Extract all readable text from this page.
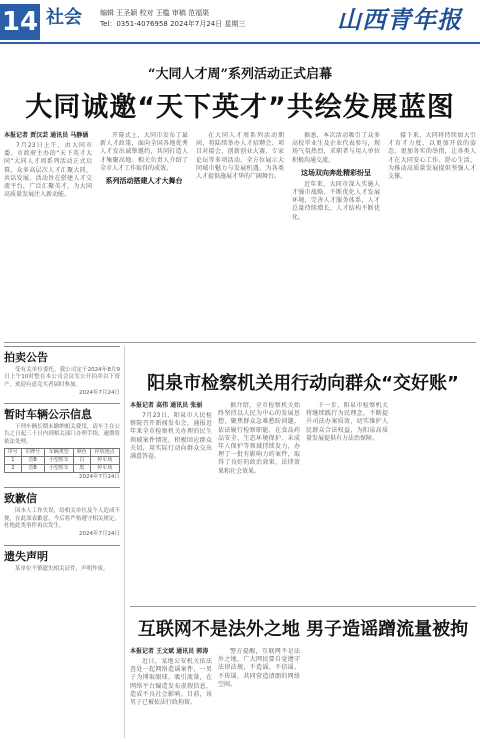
14 社会	编辑 王圣颖 校对 王槛 审稿 范福渠
Tel：0351-4076958 2024年7月24日 星期三	山西青年报
“大同人才周”系列活动正式启幕
大同诚邀“天下英才”共绘发展蓝图
本报记者 贾汉芸 通讯员 马静涵

7月23日上午，由大同市委、市政府主办的“天下英才大同”大同人才周系列活动正式启幕，众多高层次人才汇聚大同，共话发展。活动旨在搭建人才交流平台，广泛汇聚英才，为大同高质量发展注入新动能。

开幕式上，大同市发布了最新人才政策，面向全国各地优秀人才发出诚挚邀约，共同打造人才集聚高地。相关负责人介绍了全市人才工作取得的成效。

系列活动搭建人才大舞台

在大同人才周系列活动期间，将陆续举办人才招聘会、项目对接会、创新创业大赛、专家论坛等多项活动，全方位展示大同城市魅力与发展机遇，为各类人才提供施展才华的广阔舞台。

据悉，本次活动吸引了众多高校毕业生及企业代表参与，现场气氛热烈，求职者与用人单位积极沟通交流。

这场双向奔赴精彩纷呈

近年来，大同市深入实施人才强市战略，不断优化人才发展环境，完善人才服务体系，人才总量持续增长，人才结构不断优化。

接下来，大同将持续加大引才育才力度，以更加开放的姿态、更加务实的举措，让各类人才在大同安心工作、舒心生活，为推动高质量发展提供坚强人才支撑。

拍卖公告

受有关单位委托，我公司定于2024年8月9日上午10时整在本公司会议室公开拍卖以下资产，欢迎有意竞买者届时参加。

2024年7月24日
暂时车辆公示信息

下列车辆长期未缴纳相关费用，请车主在公告之日起三十日内到相关部门办理手续，逾期将依法处理。

序号	车牌号	车辆类型	颜色	停放地点
1	晋B	小型轿车	白	停车场
2	晋B	小型轿车	黑	停车场
2024年7月24日
致歉信

因本人工作失误，给相关单位及个人造成不便，在此深表歉意，今后将严格遵守相关规定，杜绝此类事件再次发生。

2024年7月24日
遗失声明

某单位不慎遗失相关证件，声明作废。

阳泉市检察机关用行动向群众“交好账”
本报记者 高伟 通讯员 张丽

7月23日，阳泉市人民检察院召开新闻发布会，通报近年来全市检察机关办理的民生领域案件情况，积极回应群众关切，用实际行动向群众交出满意答卷。

据介绍，全市检察机关始终坚持以人民为中心的发展思想，聚焦群众急难愁盼问题，依法履行检察职能，在食品药品安全、生态环境保护、未成年人保护等领域持续发力，办理了一批有影响力的案件，取得了良好的政治效果、法律效果和社会效果。

下一步，阳泉市检察机关将继续践行为民理念，不断提升司法办案质效，切实维护人民群众合法权益，为阳泉高质量发展提供有力法治保障。

互联网不是法外之地 男子造谣蹭流量被拘
本报记者 王文斌 通讯员 郭涛

近日，某地公安机关依法查处一起网络造谣案件，一男子为博取眼球、吸引流量，在网络平台编造发布虚假信息，造成不良社会影响。目前，该男子已被依法行政拘留。

警方提醒，互联网不是法外之地，广大网民要自觉遵守法律法规，不造谣、不信谣、不传谣，共同营造清朗的网络空间。
